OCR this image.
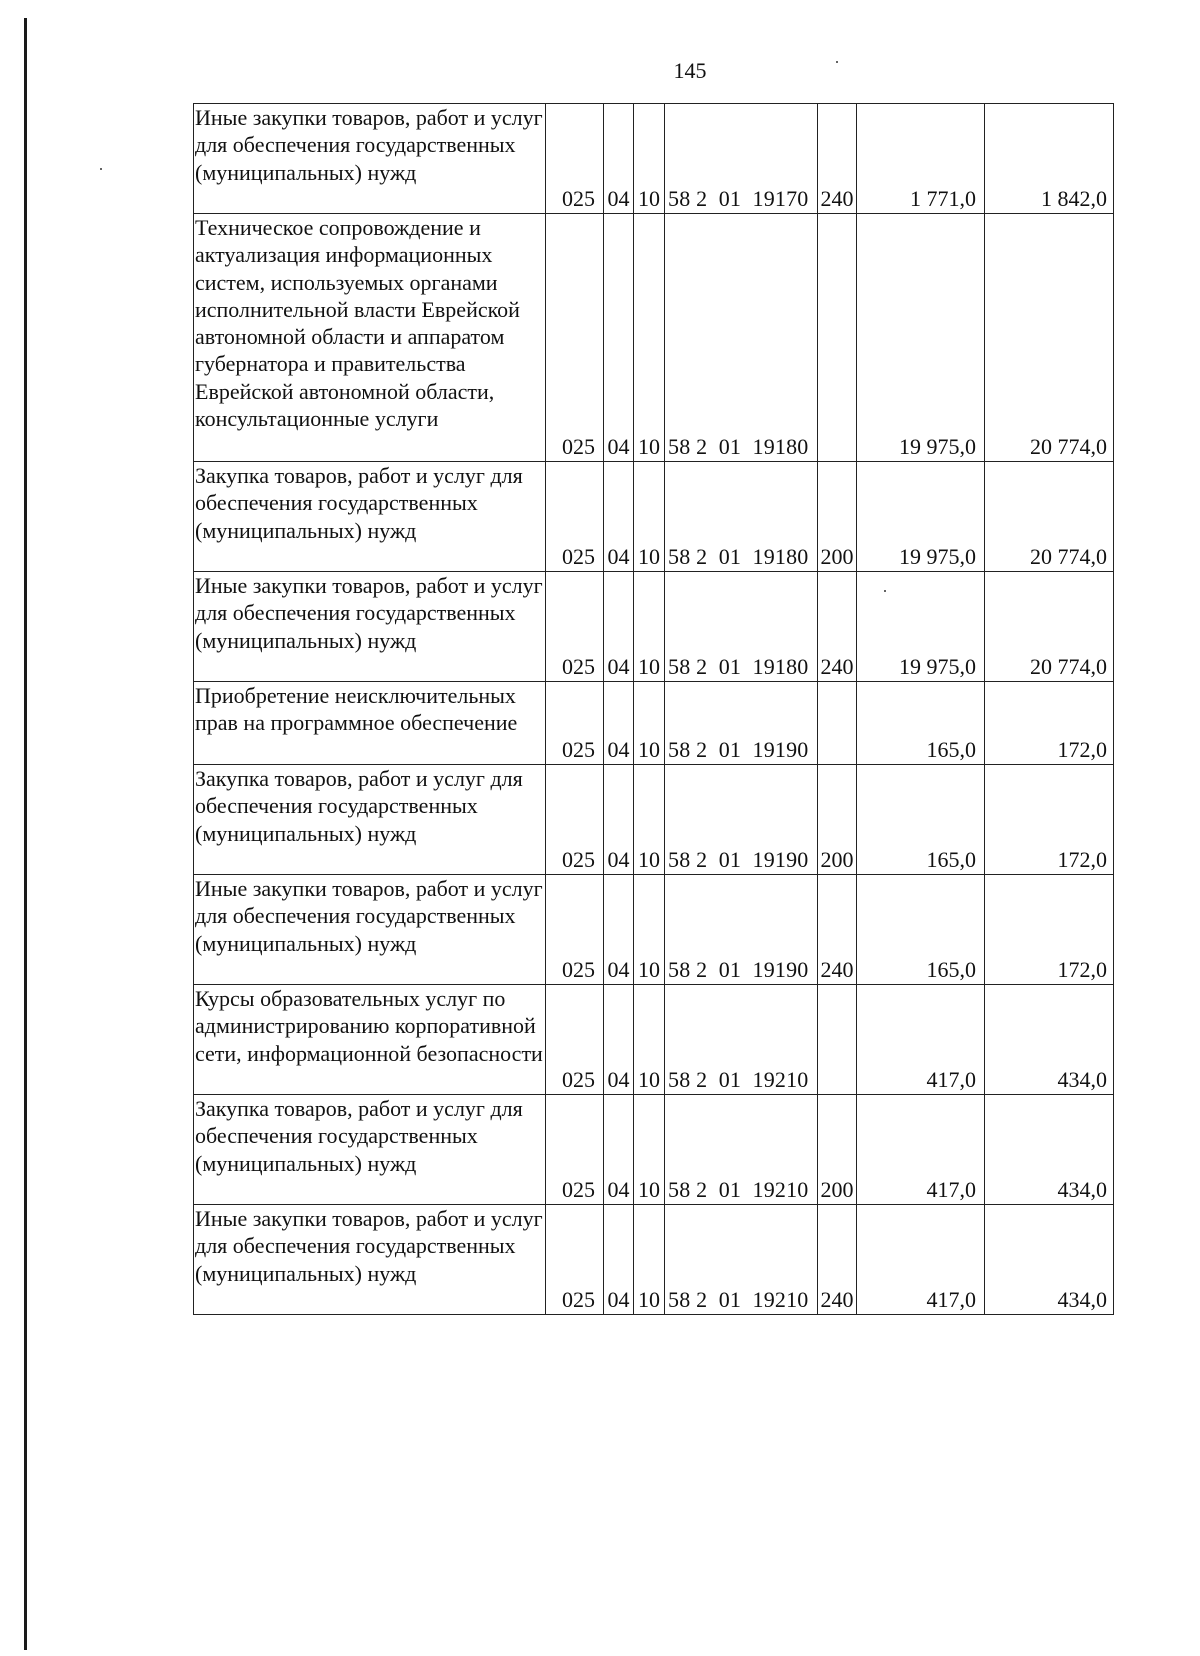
145
Иные закупки товаров, работ и услуг для обеспечения государственных (муниципальных) нужд	025	04	10	58 2  01  19170	240	1 771,0	1 842,0
Техническое сопровождение и актуализация информационных систем, используемых органами исполнительной власти Еврейской автономной области и аппаратом губернатора и правительства Еврейской автономной области, консультационные услуги	025	04	10	58 2  01  19180		19 975,0	20 774,0
Закупка товаров, работ и услуг для обеспечения государственных (муниципальных) нужд	025	04	10	58 2  01  19180	200	19 975,0	20 774,0
Иные закупки товаров, работ и услуг для обеспечения государственных (муниципальных) нужд	025	04	10	58 2  01  19180	240	19 975,0	20 774,0
Приобретение неисключительных прав на программное обеспечение	025	04	10	58 2  01  19190		165,0	172,0
Закупка товаров, работ и услуг для обеспечения государственных (муниципальных) нужд	025	04	10	58 2  01  19190	200	165,0	172,0
Иные закупки товаров, работ и услуг для обеспечения государственных (муниципальных) нужд	025	04	10	58 2  01  19190	240	165,0	172,0
Курсы образовательных услуг по администрированию корпоративной сети, информационной безопасности	025	04	10	58 2  01  19210		417,0	434,0
Закупка товаров, работ и услуг для обеспечения государственных (муниципальных) нужд	025	04	10	58 2  01  19210	200	417,0	434,0
Иные закупки товаров, работ и услуг для обеспечения государственных (муниципальных) нужд	025	04	10	58 2  01  19210	240	417,0	434,0
